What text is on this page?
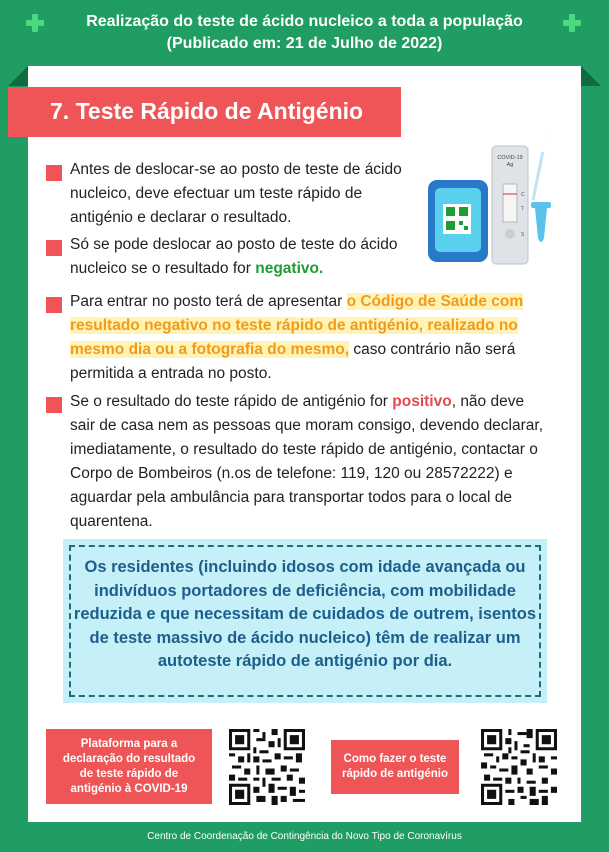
Realização do teste de ácido nucleico a toda a população
(Publicado em: 21 de Julho de 2022)
7. Teste Rápido de Antigénio
COVID-19
Ag
C
T
S
Antes de deslocar-se ao posto de teste de ácido nucleico, deve efectuar um teste rápido de antigénio e declarar o resultado.
Só se pode deslocar ao posto de teste do ácido nucleico se o resultado for negativo.
Para entrar no posto terá de apresentar o Código de Saúde com resultado negativo no teste rápido de antigénio, realizado no mesmo dia ou a fotografia do mesmo, caso contrário não será permitida a entrada no posto.
Se o resultado do teste rápido de antigénio for positivo, não deve sair de casa nem as pessoas que moram consigo, devendo declarar, imediatamente, o resultado do teste rápido de antigénio, contactar o Corpo de Bombeiros (n.os de telefone: 119, 120 ou 28572222) e aguardar pela ambulância para transportar todos para o local de quarentena.
Os residentes (incluindo idosos com idade avançada ou indivíduos portadores de deficiência, com mobilidade reduzida e que necessitam de cuidados de outrem, isentos de teste massivo de ácido nucleico) têm de realizar um autoteste rápido de antigénio por dia.
Plataforma para a declaração do resultado de teste rápido de antigénio à COVID-19
Como fazer o teste rápido de antigénio
Centro de Coordenação de Contingência do Novo Tipo de Coronavírus
